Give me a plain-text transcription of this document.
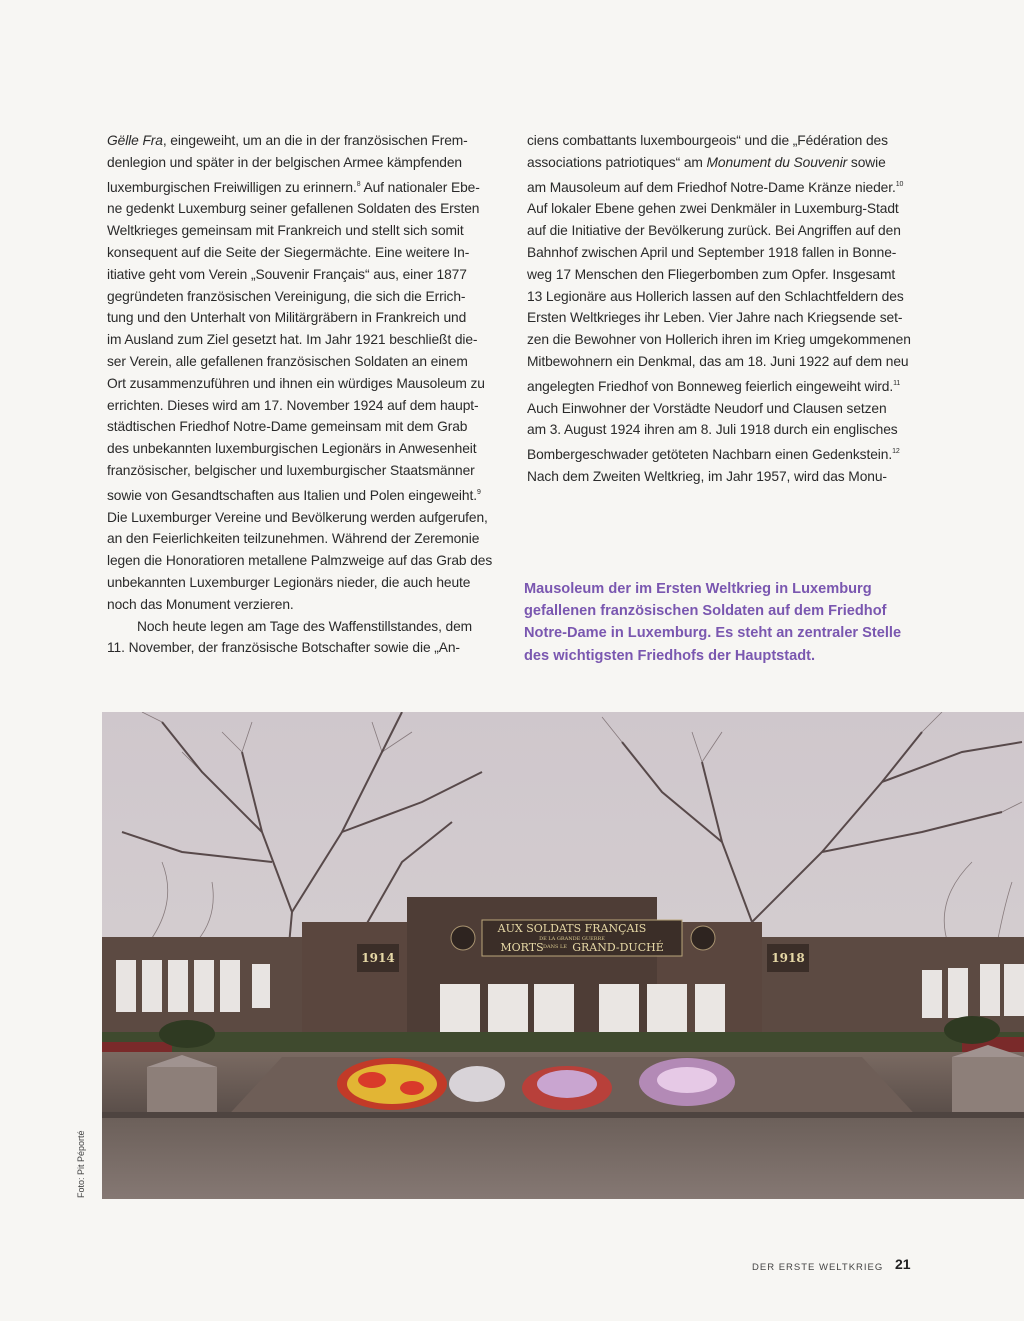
Gëlle Fra, eingeweiht, um an die in der französischen Frem-
denlegion und später in der belgischen Armee kämpfenden
luxemburgischen Freiwilligen zu erinnern.$^8$ Auf nationaler Ebe-
ne gedenkt Luxemburg seiner gefallenen Soldaten des Ersten
Weltkrieges gemeinsam mit Frankreich und stellt sich somit
konsequent auf die Seite der Siegermächte. Eine weitere In-
itiative geht vom Verein „Souvenir Français“ aus, einer 1877
gegründeten französischen Vereinigung, die sich die Errich-
tung und den Unterhalt von Militärgräbern in Frankreich und
im Ausland zum Ziel gesetzt hat. Im Jahr 1921 beschließt die-
ser Verein, alle gefallenen französischen Soldaten an einem
Ort zusammenzuführen und ihnen ein würdiges Mausoleum zu
errichten. Dieses wird am 17. November 1924 auf dem haupt-
städtischen Friedhof Notre-Dame gemeinsam mit dem Grab
des unbekannten luxemburgischen Legionärs in Anwesenheit
französischer, belgischer und luxemburgischer Staatsmänner
sowie von Gesandtschaften aus Italien und Polen eingeweiht.$^9$
Die Luxemburger Vereine und Bevölkerung werden aufgerufen,
an den Feierlichkeiten teilzunehmen. Während der Zeremonie
legen die Honoratioren metallene Palmzweige auf das Grab des
unbekannten Luxemburger Legionärs nieder, die auch heute
noch das Monument verzieren.
Noch heute legen am Tage des Waffenstillstandes, dem
11. November, der französische Botschafter sowie die „An-
ciens combattants luxembourgeois“ und die „Fédération des
associations patriotiques“ am Monument du Souvenir sowie
am Mausoleum auf dem Friedhof Notre-Dame Kränze nieder.$^{10}$
Auf lokaler Ebene gehen zwei Denkmäler in Luxemburg-Stadt
auf die Initiative der Bevölkerung zurück. Bei Angriffen auf den
Bahnhof zwischen April und September 1918 fallen in Bonne-
weg 17 Menschen den Fliegerbomben zum Opfer. Insgesamt
13 Legionäre aus Hollerich lassen auf den Schlachtfeldern des
Ersten Weltkrieges ihr Leben. Vier Jahre nach Kriegsende set-
zen die Bewohner von Hollerich ihren im Krieg umgekommenen
Mitbewohnern ein Denkmal, das am 18. Juni 1922 auf dem neu
angelegten Friedhof von Bonneweg feierlich eingeweiht wird.$^{11}$
Auch Einwohner der Vorstädte Neudorf und Clausen setzen
am 3. August 1924 ihren am 8. Juli 1918 durch ein englisches
Bombergeschwader getöteten Nachbarn einen Gedenkstein.$^{12}$
Nach dem Zweiten Weltkrieg, im Jahr 1957, wird das Monu-
Mausoleum der im Ersten Weltkrieg in Luxemburg
gefallenen französischen Soldaten auf dem Friedhof
Notre-Dame in Luxemburg. Es steht an zentraler Stelle
des wichtigsten Friedhofs der Hauptstadt.
AUX SOLDATS FRANÇAIS
DE LA GRANDE GUERRE
MORTS DANS LE GRAND-DUCHÉ
1914	1918
Foto: Pit Péporté
DER ERSTE WELTKRIEG 21
